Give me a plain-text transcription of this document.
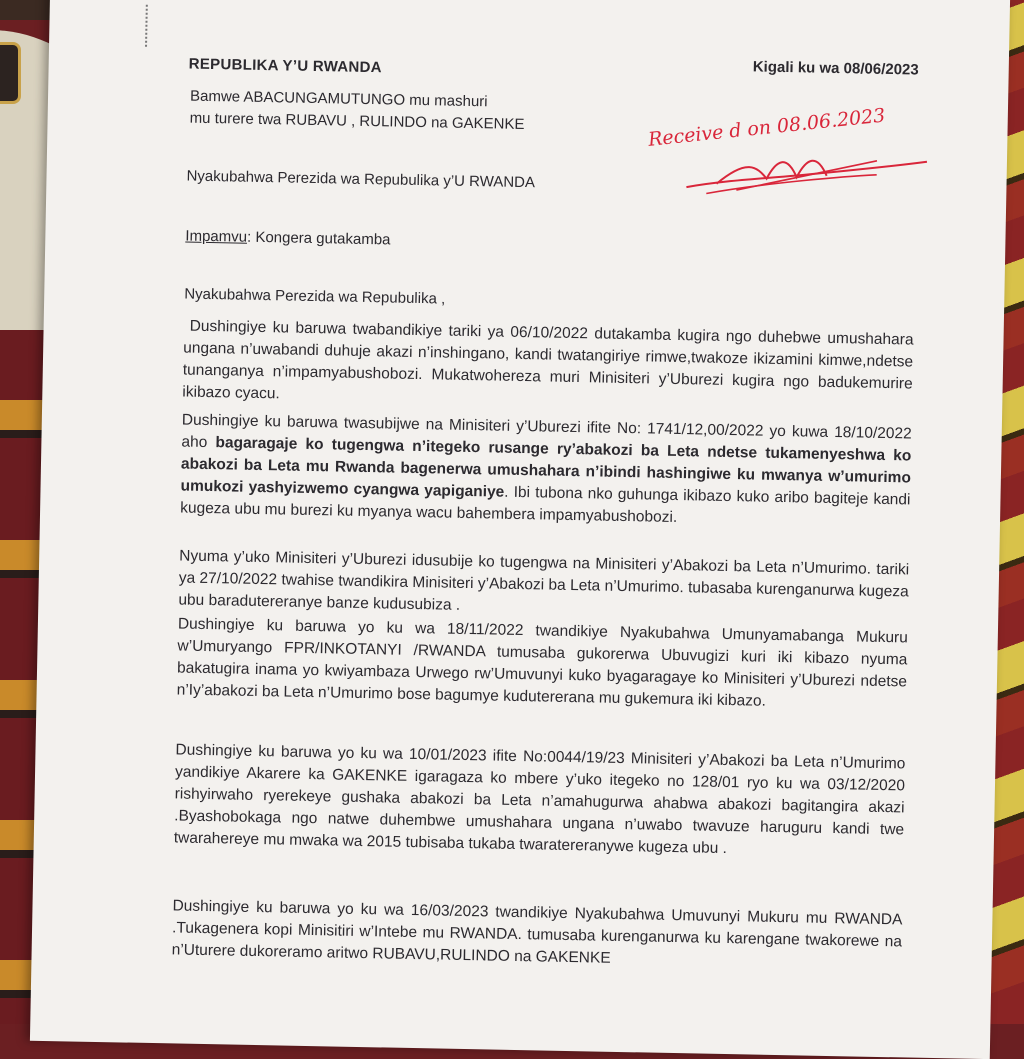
REPUBLIKA Y’U RWANDA
Bamwe ABACUNGAMUTUNGO mu mashuri
mu turere twa RUBAVU , RULINDO na GAKENKE
Kigali ku wa 08/06/2023
Receive d on 08.06.2023
Nyakubahwa Perezida wa Repubulika y’U RWANDA
Impamvu: Kongera gutakamba
Nyakubahwa Perezida wa Repubulika ,
Dushingiye ku baruwa twabandikiye tariki ya 06/10/2022 dutakamba kugira ngo duhebwe umushahara ungana n’uwabandi duhuje akazi n’inshingano, kandi twatangiriye rimwe,twakoze ikizamini kimwe,ndetse tunanganya n’impamyabushobozi. Mukatwohereza muri Minisiteri y’Uburezi kugira ngo badukemurire ikibazo cyacu.
Dushingiye ku baruwa twasubijwe na Minisiteri y’Uburezi ifite No: 1741/12,00/2022 yo kuwa 18/10/2022 aho bagaragaje ko tugengwa n’itegeko rusange ry’abakozi ba Leta ndetse tukamenyeshwa ko abakozi ba Leta mu Rwanda bagenerwa umushahara n’ibindi hashingiwe ku mwanya w’umurimo umukozi yashyizwemo cyangwa yapiganiye. Ibi tubona nko guhunga ikibazo kuko aribo bagiteje kandi kugeza ubu mu burezi ku myanya wacu bahembera impamyabushobozi.
Nyuma y’uko Minisiteri y’Uburezi idusubije ko tugengwa na Minisiteri y’Abakozi ba Leta n’Umurimo. tariki ya 27/10/2022 twahise twandikira Minisiteri y’Abakozi ba Leta n’Umurimo. tubasaba kurenganurwa kugeza ubu baradutereranye banze kudusubiza .
Dushingiye ku baruwa yo ku wa 18/11/2022 twandikiye Nyakubahwa Umunyamabanga Mukuru w’Umuryango FPR/INKOTANYI /RWANDA tumusaba gukorerwa Ubuvugizi kuri iki kibazo nyuma bakatugira inama yo kwiyambaza Urwego rw’Umuvunyi kuko byagaragaye ko Minisiteri y’Uburezi ndetse n’Iy’abakozi ba Leta n’Umurimo bose bagumye kudutererana mu gukemura iki kibazo.
Dushingiye ku baruwa yo ku wa 10/01/2023 ifite No:0044/19/23 Minisiteri y’Abakozi ba Leta n’Umurimo yandikiye Akarere ka GAKENKE igaragaza ko mbere y’uko itegeko no 128/01 ryo ku wa 03/12/2020 rishyirwaho ryerekeye gushaka abakozi ba Leta n’amahugurwa ahabwa abakozi bagitangira akazi .Byashobokaga ngo natwe duhembwe umushahara ungana n’uwabo twavuze haruguru kandi twe twarahereye mu mwaka wa 2015 tubisaba tukaba twaratereranywe kugeza ubu .
Dushingiye ku baruwa yo ku wa 16/03/2023 twandikiye Nyakubahwa Umuvunyi Mukuru mu RWANDA .Tukagenera kopi Minisitiri w’Intebe mu RWANDA. tumusaba kurenganurwa ku karengane twakorewe na n’Uturere dukoreramo aritwo RUBAVU,RULINDO na GAKENKE
